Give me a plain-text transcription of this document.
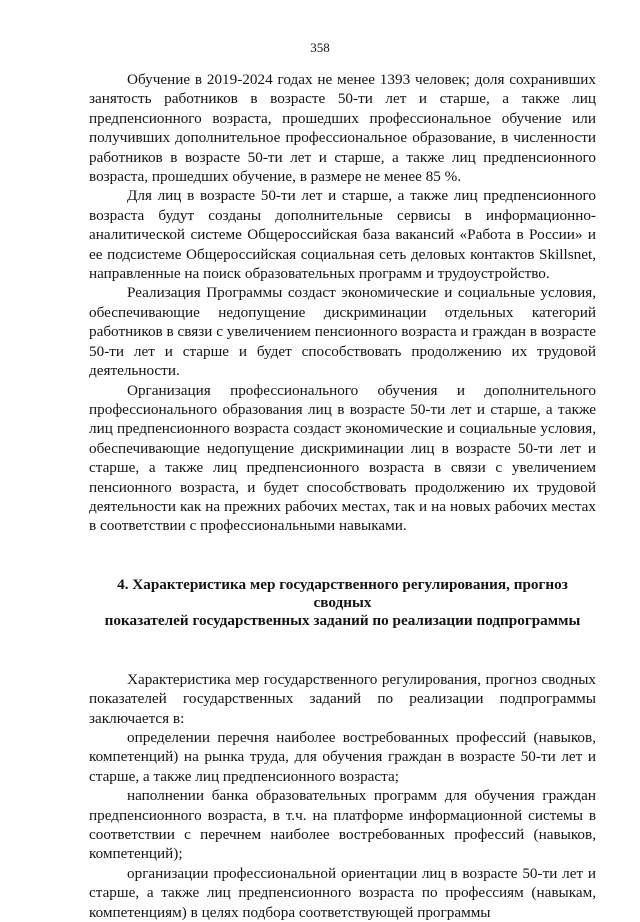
358

Обучение в 2019-2024 годах не менее 1393 человек; доля сохранивших занятость работников в возрасте 50-ти лет и старше, а также лиц предпенсионного возраста, прошедших профессиональное обучение или получивших дополнительное профессиональное образование, в численности работников в возрасте 50-ти лет и старше, а также лиц предпенсионного возраста, прошедших обучение, в размере не менее 85 %.

Для лиц в возрасте 50-ти лет и старше, а также лиц предпенсионного возраста будут созданы дополнительные сервисы в информационно-аналитической системе Общероссийская база вакансий «Работа в России» и ее подсистеме Общероссийская социальная сеть деловых контактов Skillsnet, направленные на поиск образовательных программ и трудоустройство.

Реализация Программы создаст экономические и социальные условия, обеспечивающие недопущение дискриминации отдельных категорий работников в связи с увеличением пенсионного возраста и граждан в возрасте 50-ти лет и старше и будет способствовать продолжению их трудовой деятельности.

Организация профессионального обучения и дополнительного профессионального образования лиц в возрасте 50-ти лет и старше, а также лиц предпенсионного возраста создаст экономические и социальные условия, обеспечивающие недопущение дискриминации лиц в возрасте 50-ти лет и старше, а также лиц предпенсионного возраста в связи с увеличением пенсионного возраста, и будет способствовать продолжению их трудовой деятельности как на прежних рабочих местах, так и на новых рабочих местах в соответствии с профессиональными навыками.

4. Характеристика мер государственного регулирования, прогноз сводных
показателей государственных заданий по реализации подпрограммы

Характеристика мер государственного регулирования, прогноз сводных показателей государственных заданий по реализации подпрограммы заключается в:

определении перечня наиболее востребованных профессий (навыков, компетенций) на рынка труда, для обучения граждан в возрасте 50-ти лет и старше, а также лиц предпенсионного возраста;

наполнении банка образовательных программ для обучения граждан предпенсионного возраста, в т.ч. на платформе информационной системы в соответствии с перечнем наиболее востребованных профессий (навыков, компетенций);

организации профессиональной ориентации лиц в возрасте 50-ти лет и старше, а также лиц предпенсионного возраста по профессиям (навыкам, компетенциям) в целях подбора соответствующей программы
